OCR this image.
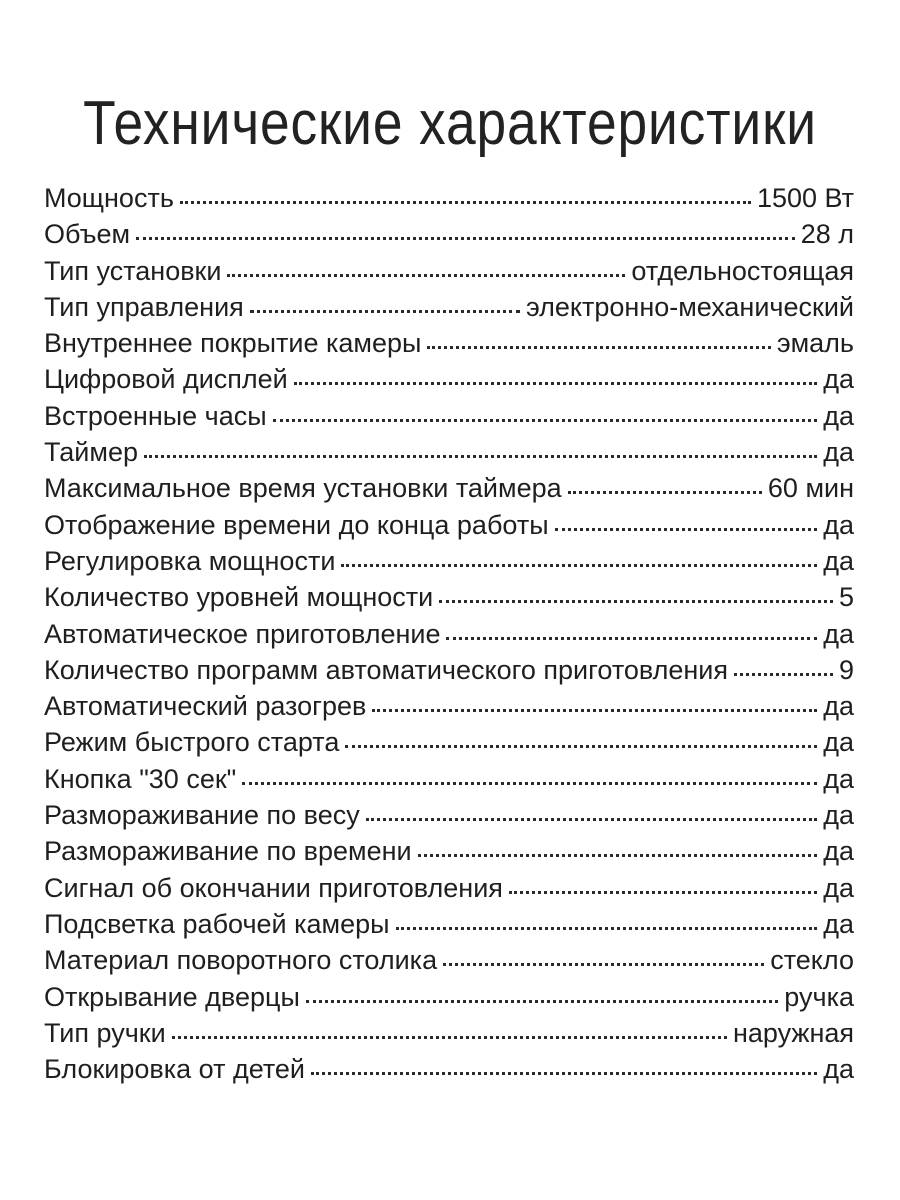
Технические характеристики
Мощность	1500 Вт
Объем	28 л
Тип установки	отдельностоящая
Тип управления	электронно-механический
Внутреннее покрытие камеры	эмаль
Цифровой дисплей	да
Встроенные часы	да
Таймер	да
Максимальное время установки таймера	60 мин
Отображение времени до конца работы	да
Регулировка мощности	да
Количество уровней мощности	5
Автоматическое приготовление	да
Количество программ автоматического приготовления	9
Автоматический разогрев	да
Режим быстрого старта	да
Кнопка "30 сек"	да
Размораживание по весу	да
Размораживание по времени	да
Сигнал об окончании приготовления	да
Подсветка рабочей камеры	да
Материал поворотного столика	стекло
Открывание дверцы	ручка
Тип ручки	наружная
Блокировка от детей	да
